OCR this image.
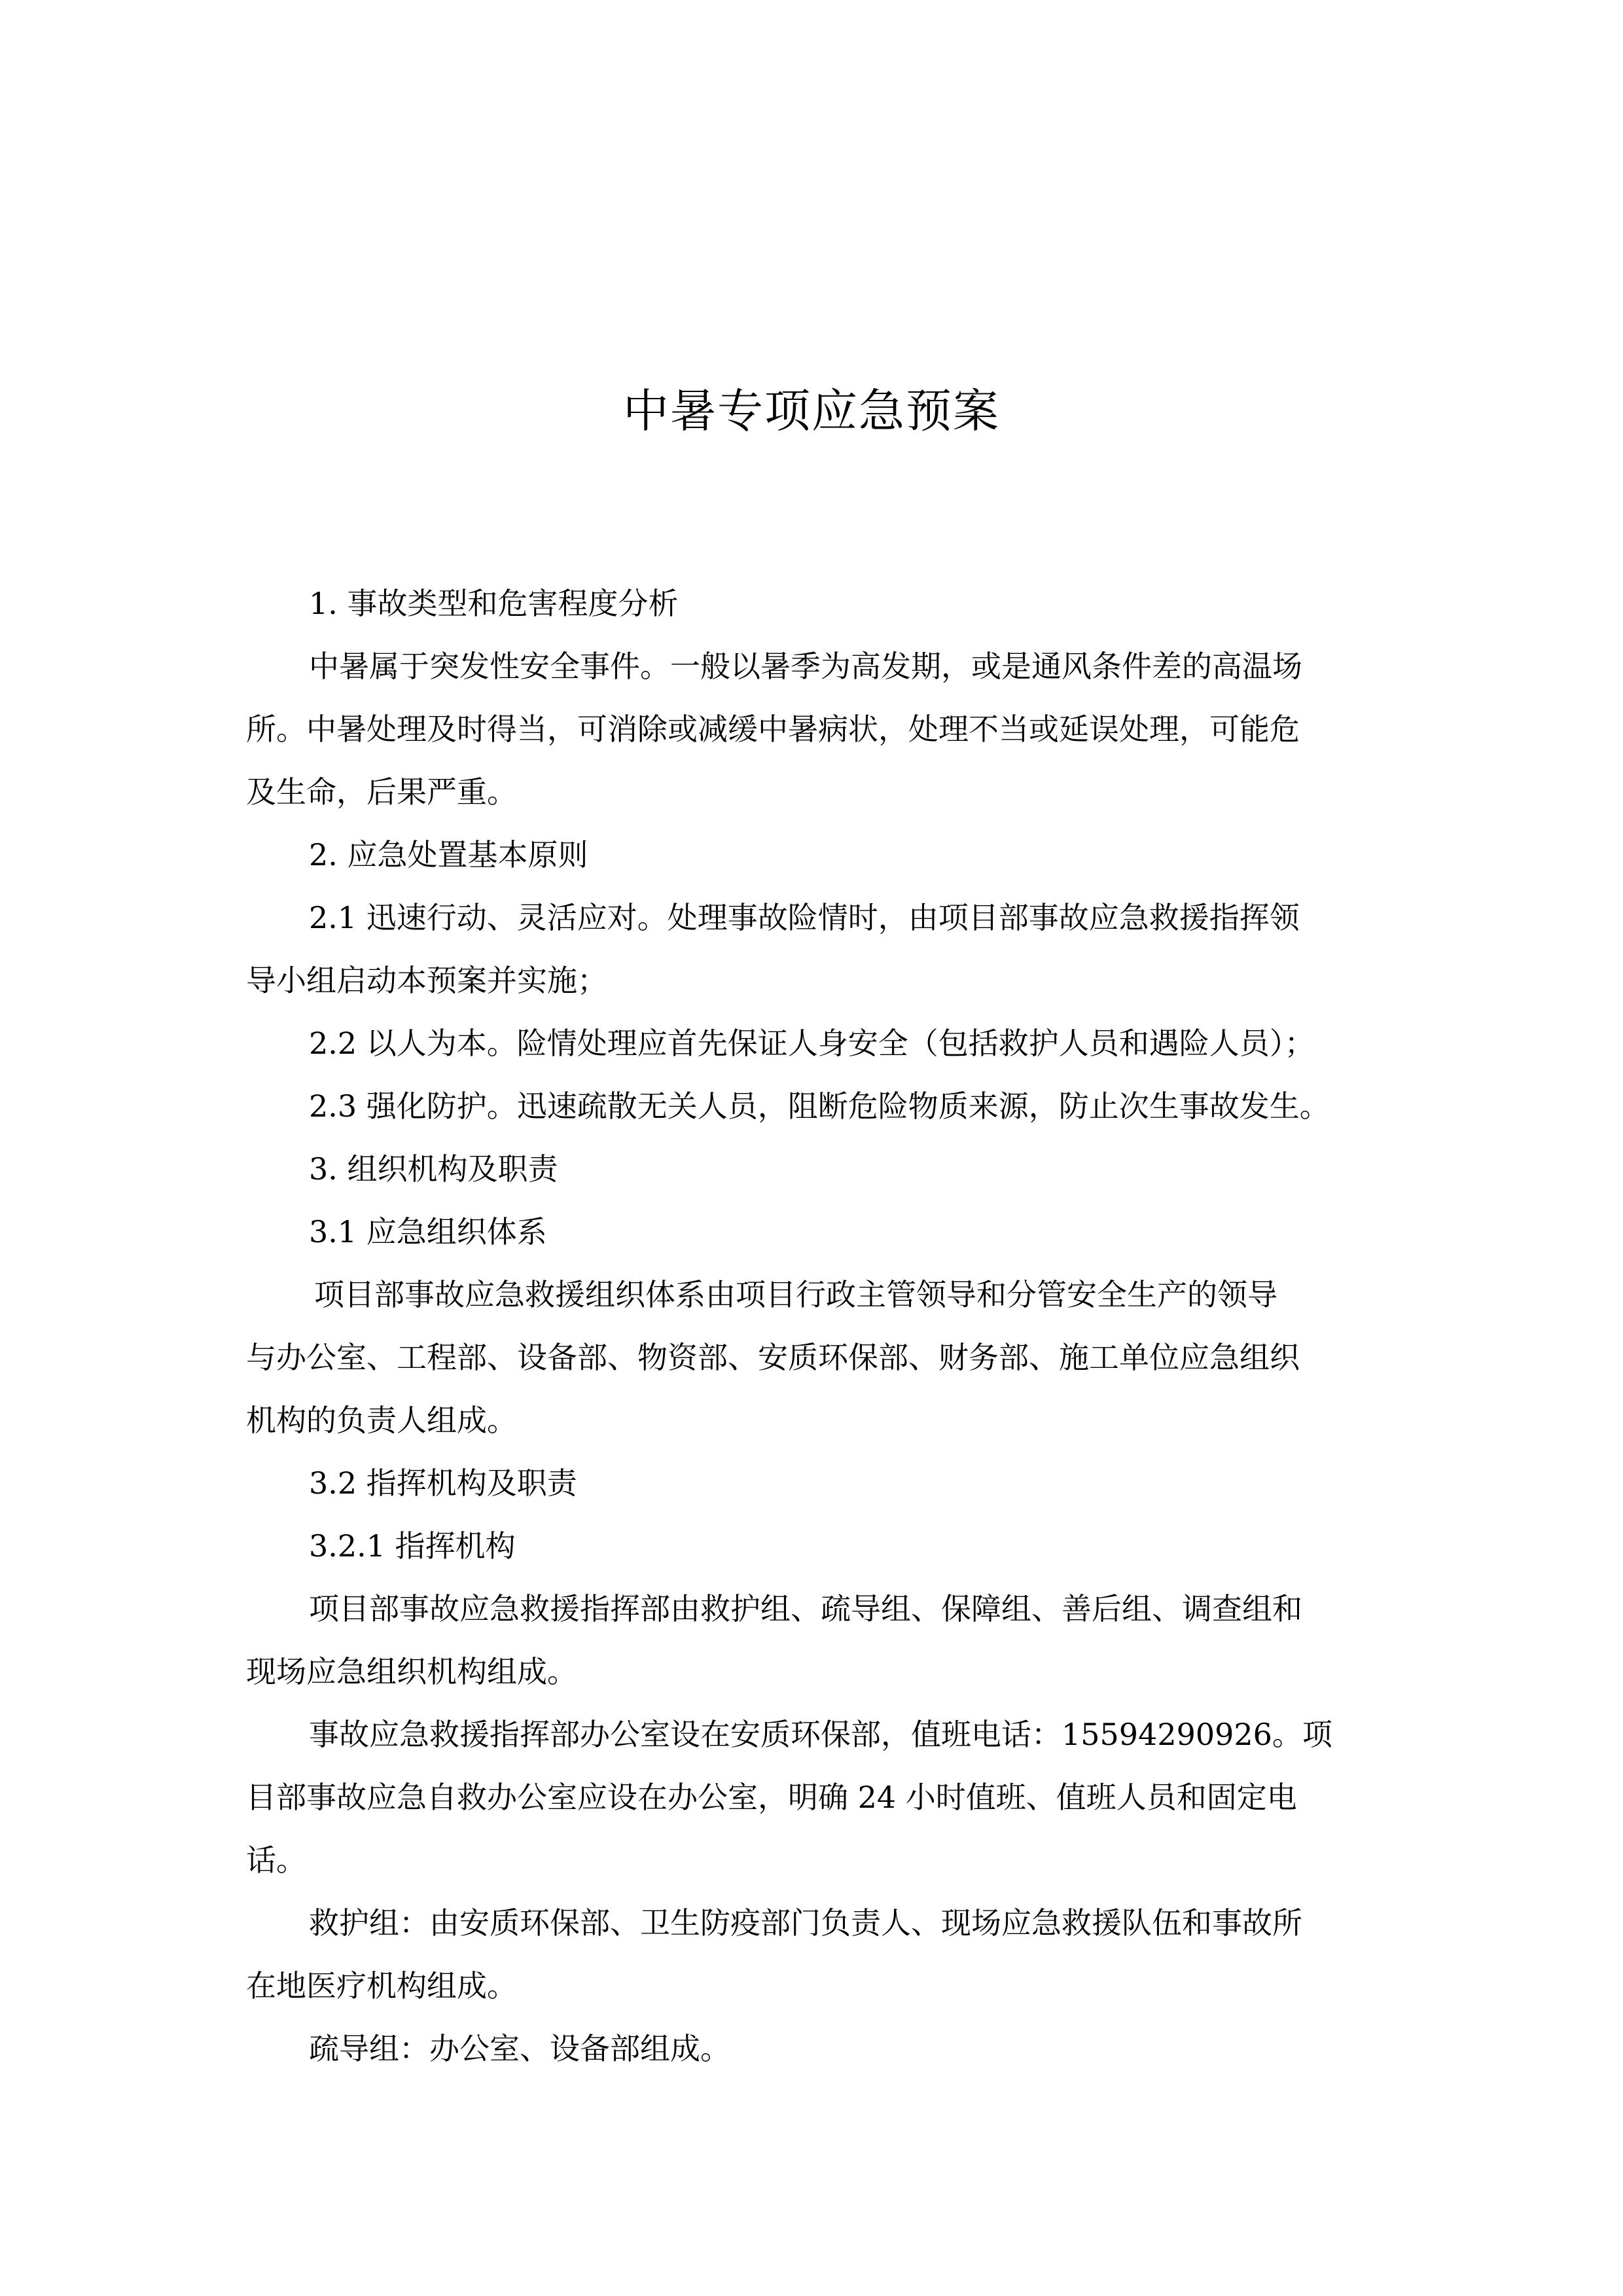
中暑专项应急预案
1. 事故类型和危害程度分析
中暑属于突发性安全事件。一般以暑季为高发期，或是通风条件差的高温场
所。中暑处理及时得当，可消除或减缓中暑病状，处理不当或延误处理，可能危
及生命，后果严重。
2. 应急处置基本原则
2.1 迅速行动、灵活应对。处理事故险情时，由项目部事故应急救援指挥领
导小组启动本预案并实施；
2.2 以人为本。险情处理应首先保证人身安全（包括救护人员和遇险人员）；
2.3 强化防护。迅速疏散无关人员，阻断危险物质来源，防止次生事故发生。
3. 组织机构及职责
3.1 应急组织体系
项目部事故应急救援组织体系由项目行政主管领导和分管安全生产的领导
与办公室、工程部、设备部、物资部、安质环保部、财务部、施工单位应急组织
机构的负责人组成。
3.2 指挥机构及职责
3.2.1 指挥机构
项目部事故应急救援指挥部由救护组、疏导组、保障组、善后组、调查组和
现场应急组织机构组成。
事故应急救援指挥部办公室设在安质环保部，值班电话：15594290926。项
目部事故应急自救办公室应设在办公室，明确 24 小时值班、值班人员和固定电
话。
救护组：由安质环保部、卫生防疫部门负责人、现场应急救援队伍和事故所
在地医疗机构组成。
疏导组：办公室、设备部组成。
